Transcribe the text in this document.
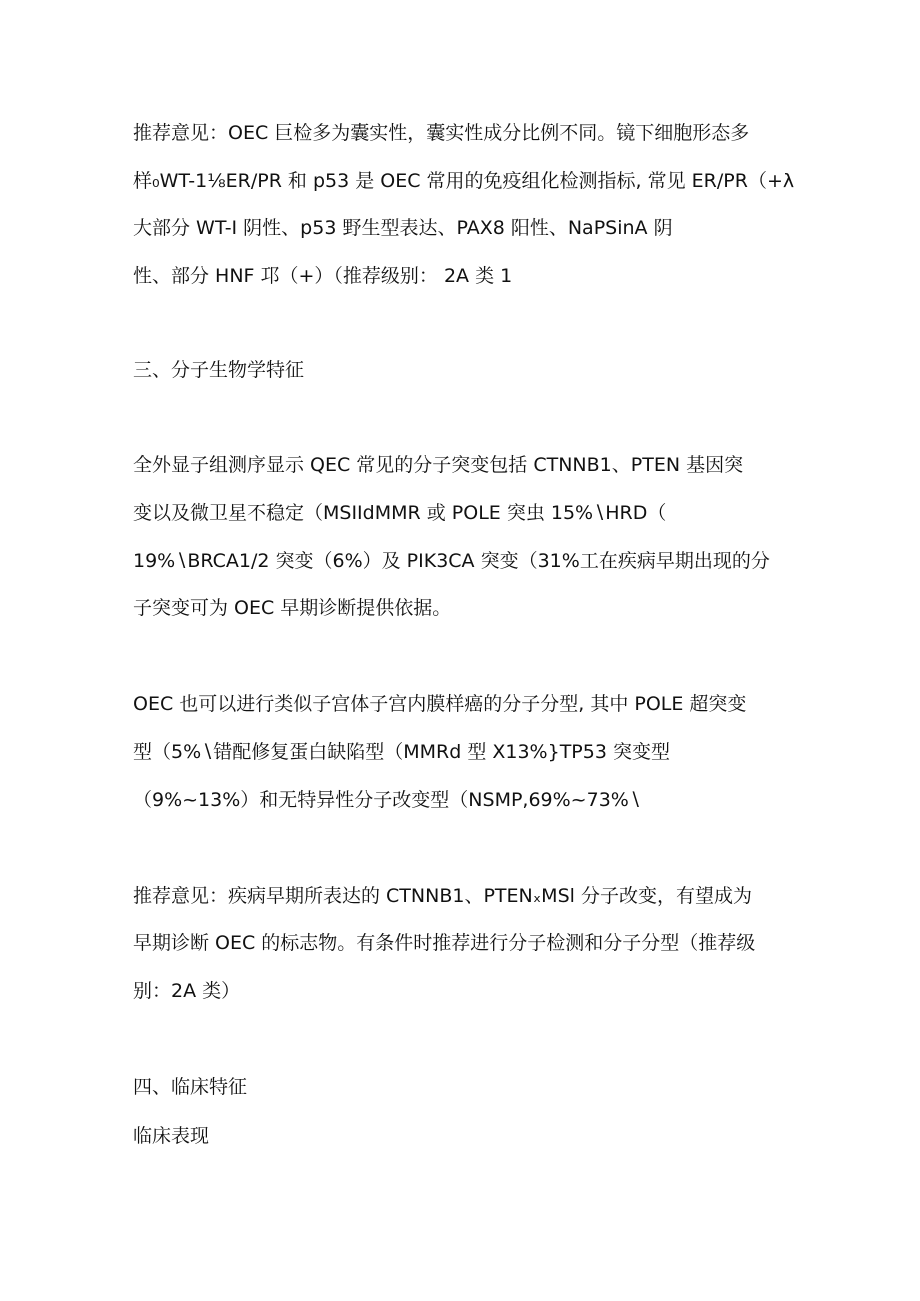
推荐意见：OEC 巨检多为囊实性，囊实性成分比例不同。镜下细胞形态多
样₀WT-1⅛ER/PR 和 p53 是 OEC 常用的免疫组化检测指标, 常见 ER/PR（+λ
大部分 WT-I 阴性、p53 野生型表达、PAX8 阳性、NaPSinA 阴
性、部分 HNF 邛（+）（推荐级别： 2A 类 1
三、分子生物学特征
全外显子组测序显示 QEC 常见的分子突变包括 CTNNB1、PTEN 基因突
变以及微卫星不稳定（MSIIdMMR 或 POLE 突虫 15%∖HRD（
19%∖BRCA1/2 突变（6%）及 PIK3CA 突变（31%工在疾病早期出现的分
子突变可为 OEC 早期诊断提供依据。
OEC 也可以进行类似子宫体子宫内膜样癌的分子分型, 其中 POLE 超突变
型（5%∖错配修复蛋白缺陷型（MMRd 型 X13%}TP53 突变型
（9%~13%）和无特异性分子改变型（NSMP,69%~73%∖
推荐意见：疾病早期所表达的 CTNNB1、PTENₓMSl 分子改变，有望成为
早期诊断 OEC 的标志物。有条件时推荐进行分子检测和分子分型（推荐级
别：2A 类）
四、临床特征
临床表现
